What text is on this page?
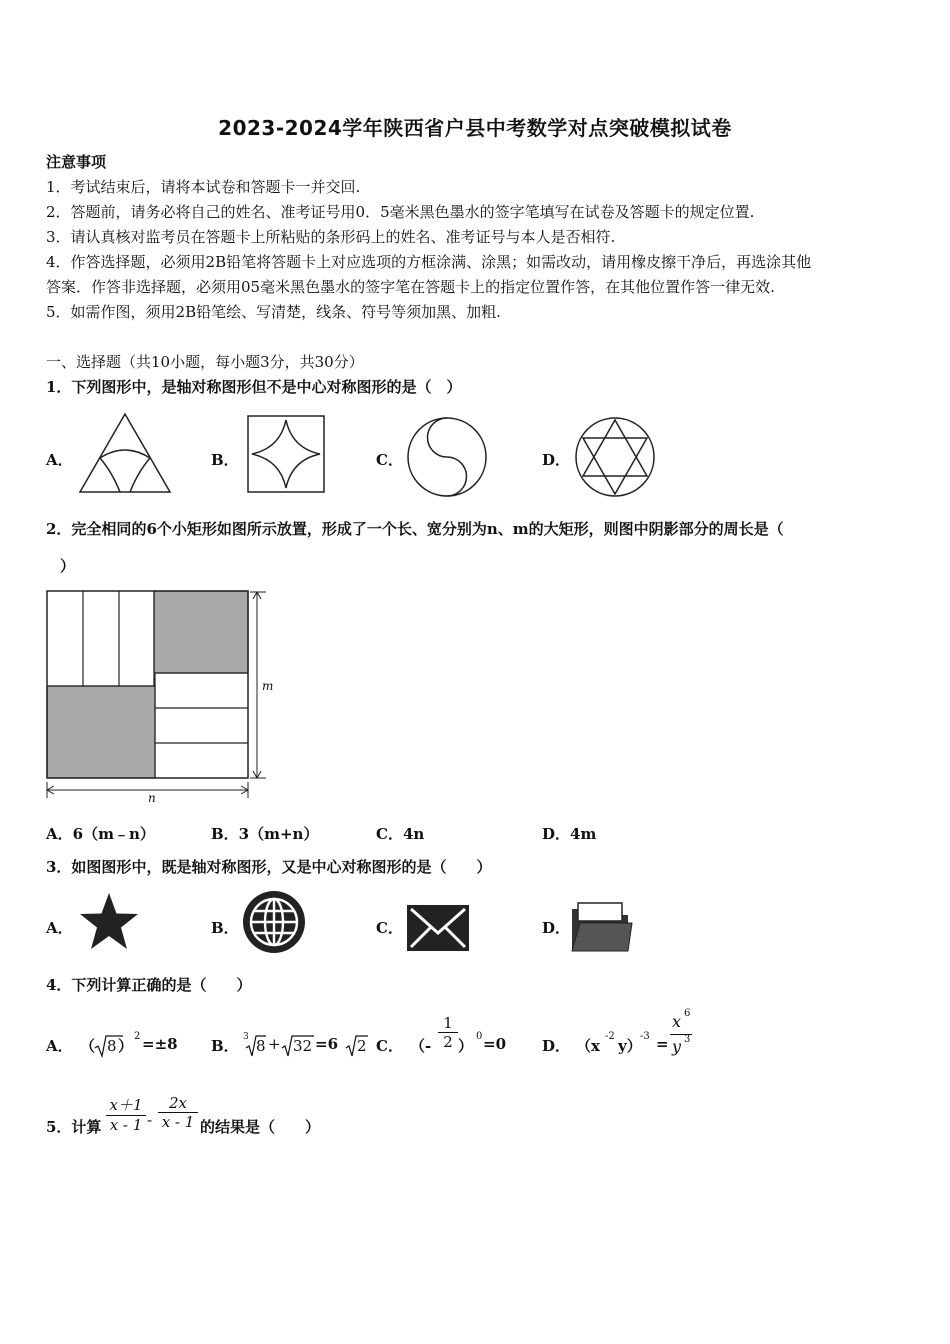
2023-2024学年陕西省户县中考数学对点突破模拟试卷
注意事项
1．考试结束后，请将本试卷和答题卡一并交回.
2．答题前，请务必将自己的姓名、准考证号用0．5毫米黑色墨水的签字笔填写在试卷及答题卡的规定位置.
3．请认真核对监考员在答题卡上所粘贴的条形码上的姓名、准考证号与本人是否相符.
4．作答选择题，必须用2B铅笔将答题卡上对应选项的方框涂满、涂黑；如需改动，请用橡皮擦干净后，再选涂其他
答案．作答非选择题，必须用05毫米黑色墨水的签字笔在答题卡上的指定位置作答，在其他位置作答一律无效.
5．如需作图，须用2B铅笔绘、写清楚，线条、符号等须加黑、加粗.
一、选择题（共10小题，每小题3分，共30分）
1．下列图形中，是轴对称图形但不是中心对称图形的是（　）
A．	B．	C．	D．
2．完全相同的6个小矩形如图所示放置，形成了一个长、宽分别为n、m的大矩形，则图中阴影部分的周长是（
）
m
n
A．6（m﹣n）	B．3（m+n）	C．4n	D．4m
3．如图图形中，既是轴对称图形，又是中心对称图形的是（　　）
A．	B．	C．	D．
4．下列计算正确的是（　　）
A． （ 8 ）
2 =±8 B． 3 8 + 32 =6 2 C． （- $\frac{1}{2}$ ）
0 =0 D． （x
-2
y）
-3 =
x 6
y 3
5．计算 $\frac{x+1}{x - 1} - \frac{2x}{x - 1}$ 的结果是（　　）
